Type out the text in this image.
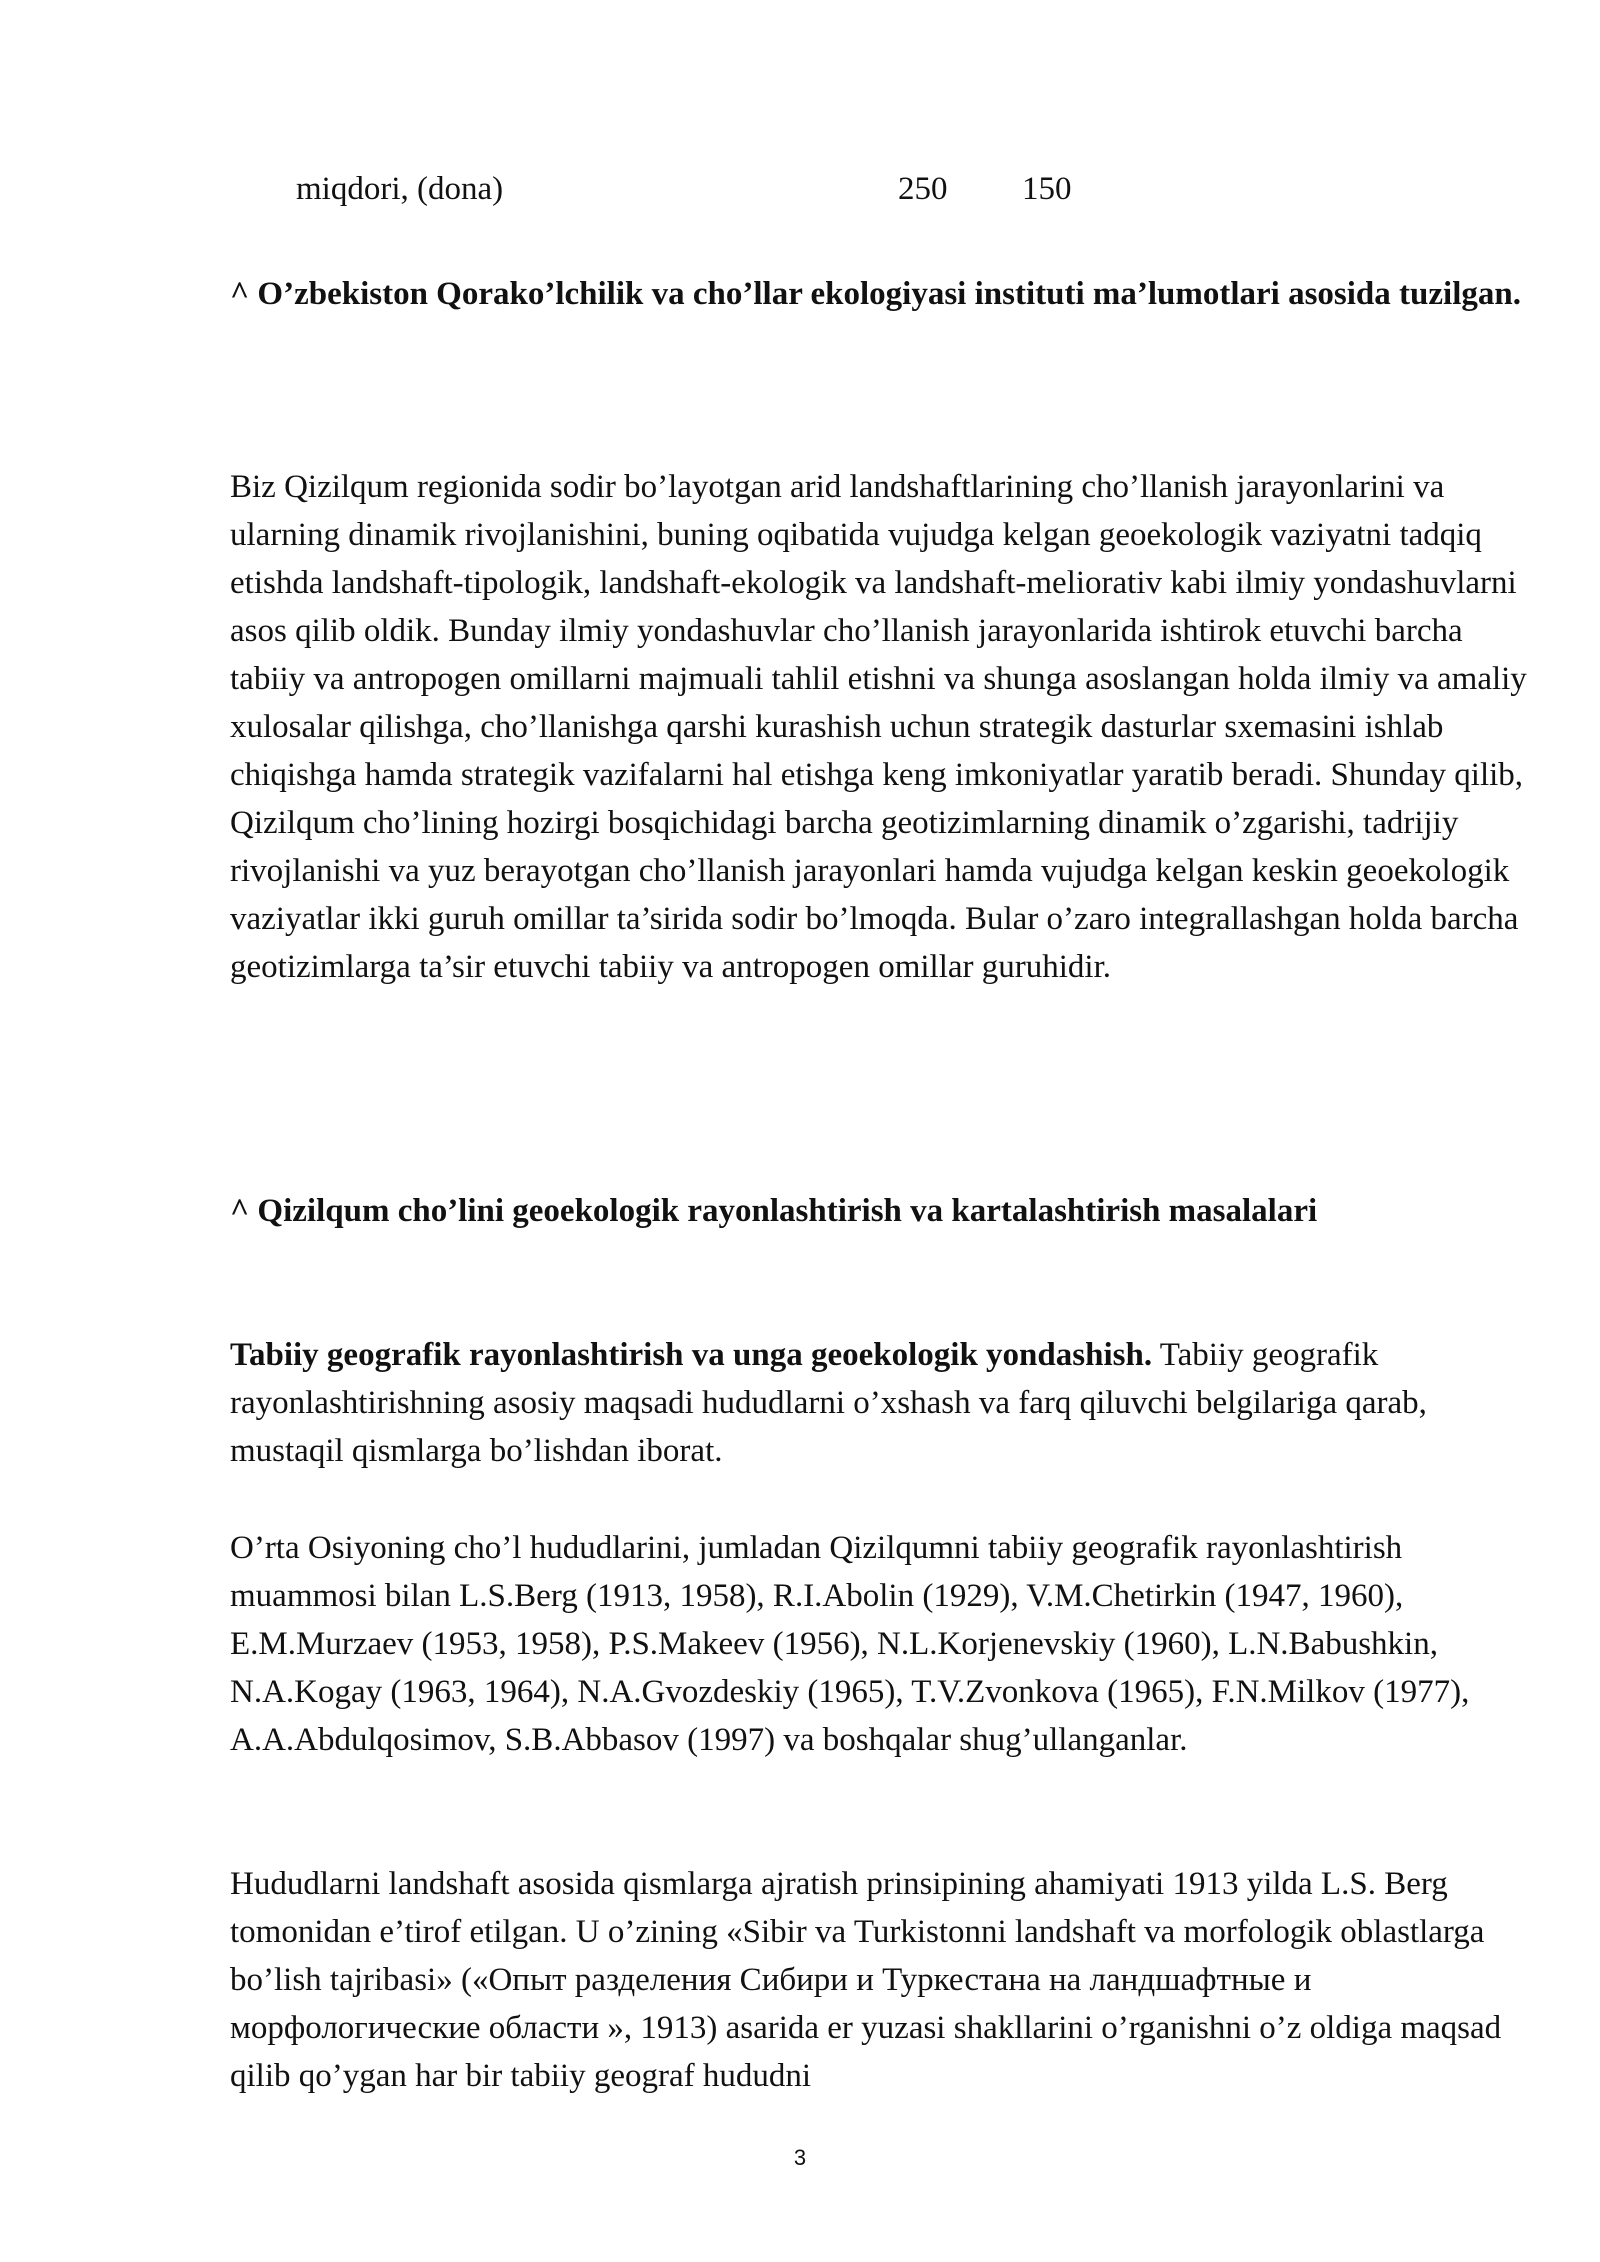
miqdori, (dona)	250 150

^ O’zbekiston Qorako’lchilik va cho’llar ekologiyasi instituti ma’lumotlari asosida tuzilgan.

Biz Qizilqum regionida sodir bo’layotgan arid landshaftlarining cho’llanish jarayonlarini va ularning dinamik rivojlanishini, buning oqibatida vujudga kelgan geoekologik vaziyatni tadqiq etishda landshaft-tipologik, landshaft-ekologik va landshaft-meliorativ kabi ilmiy yondashuvlarni asos qilib oldik. Bunday ilmiy yondashuvlar cho’llanish jarayonlarida ishtirok etuvchi barcha tabiiy va antropogen omillarni majmuali tahlil etishni va shunga asoslangan holda ilmiy va amaliy xulosalar qilishga, cho’llanishga qarshi kurashish uchun strategik dasturlar sxemasini ishlab chiqishga hamda strategik vazifalarni hal etishga keng imkoniyatlar yaratib beradi. Shunday qilib, Qizilqum cho’lining hozirgi bosqichidagi barcha geotizimlarning dinamik o’zgarishi, tadrijiy rivojlanishi va yuz berayotgan cho’llanish jarayonlari hamda vujudga kelgan keskin geoekologik vaziyatlar ikki guruh omillar ta’sirida sodir bo’lmoqda. Bular o’zaro integrallashgan holda barcha geotizimlarga ta’sir etuvchi tabiiy va antropogen omillar guruhidir.

^ Qizilqum cho’lini geoekologik rayonlashtirish va kartalashtirish masalalari

Tabiiy geografik rayonlashtirish va unga geoekologik yondashish. Tabiiy geografik rayonlashtirishning asosiy maqsadi hududlarni o’xshash va farq qiluvchi belgilariga qarab, mustaqil qismlarga bo’lishdan iborat.

O’rta Osiyoning cho’l hududlarini, jumladan Qizilqumni tabiiy geografik rayonlashtirish muammosi bilan L.S.Berg (1913, 1958), R.I.Abolin (1929), V.M.Chetirkin (1947, 1960), E.M.Murzaev (1953, 1958), P.S.Makeev (1956), N.L.Korjenevskiy (1960), L.N.Babushkin, N.A.Kogay (1963, 1964), N.A.Gvozdeskiy (1965), T.V.Zvonkova (1965), F.N.Milkov (1977), A.A.Abdulqosimov, S.B.Abbasov (1997) va boshqalar shug’ullanganlar.

Hududlarni landshaft asosida qismlarga ajratish prinsipining ahamiyati 1913 yilda L.S. Berg tomonidan e’tirof etilgan. U o’zining «Sibir va Turkistonni landshaft va morfologik oblastlarga bo’lish tajribasi» («Опыт разделения Сибири и Туркестана на ландшафтные и морфологические области », 1913) asarida er yuzasi shakllarini o’rganishni o’z oldiga maqsad qilib qo’ygan har bir tabiiy geograf hududni

3
